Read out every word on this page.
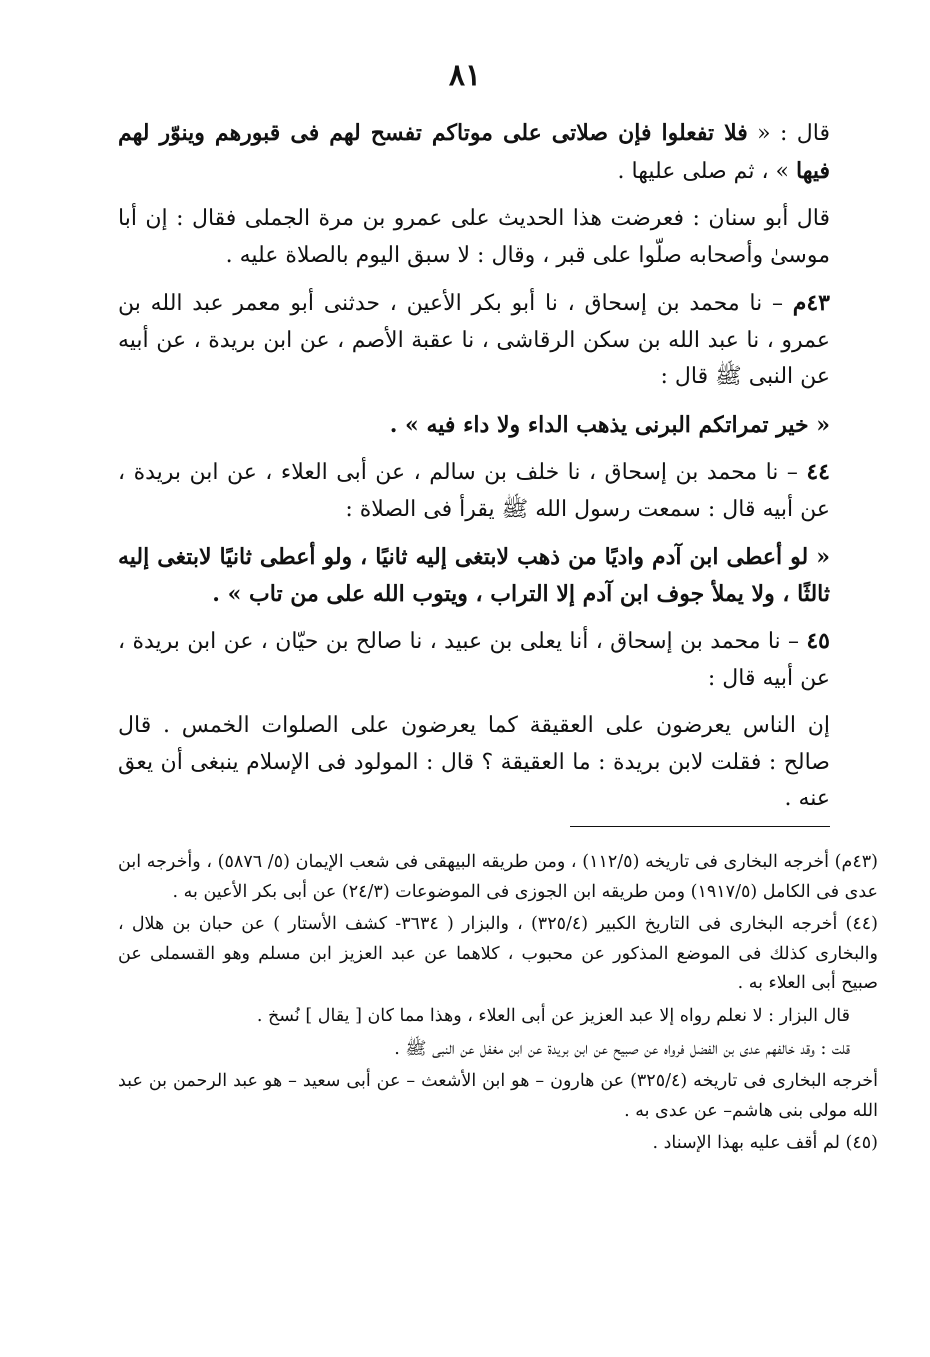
٨١

قال : « فلا تفعلوا فإن صلاتى على موتاكم تفسح لهم فى قبورهم وينوّر لهم فيها » ، ثم صلى عليها .

قال أبو سنان : فعرضت هذا الحديث على عمرو بن مرة الجملى فقال : إن أبا موسىٰ وأصحابه صلّوا على قبر ، وقال : لا سبق اليوم بالصلاة عليه .

٤٣م – نا محمد بن إسحاق ، نا أبو بكر الأعين ، حدثنى أبو معمر عبد الله بن عمرو ، نا عبد الله بن سكن الرقاشى ، نا عقبة الأصم ، عن ابن بريدة ، عن أبيه عن النبى ﷺ قال :

« خير تمراتكم البرنى يذهب الداء ولا داء فيه » .

٤٤ – نا محمد بن إسحاق ، نا خلف بن سالم ، عن أبى العلاء ، عن ابن بريدة ، عن أبيه قال : سمعت رسول الله ﷺ يقرأ فى الصلاة :

« لو أعطى ابن آدم واديًا من ذهب لابتغى إليه ثانيًا ، ولو أعطى ثانيًا لابتغى إليه ثالثًا ، ولا يملأ جوف ابن آدم إلا التراب ، ويتوب الله على من تاب » .

٤٥ – نا محمد بن إسحاق ، أنا يعلى بن عبيد ، نا صالح بن حيّان ، عن ابن بريدة ، عن أبيه قال :

إن الناس يعرضون على العقيقة كما يعرضون على الصلوات الخمس . قال صالح : فقلت لابن بريدة : ما العقيقة ؟ قال : المولود فى الإسلام ينبغى أن يعق عنه .

(٤٣م) أخرجه البخارى فى تاريخه (١١٢/٥) ، ومن طريقه البيهقى فى شعب الإيمان (٥/ ٥٨٧٦) ، وأخرجه ابن عدى فى الكامل (١٩١٧/٥) ومن طريقه ابن الجوزى فى الموضوعات (٢٤/٣) عن أبى بكر الأعين به .

(٤٤) أخرجه البخارى فى التاريخ الكبير (٣٢٥/٤) ، والبزار ( ٣٦٣٤- كشف الأستار ) عن حبان بن هلال ، والبخارى كذلك فى الموضع المذكور عن محبوب ، كلاهما عن عبد العزيز ابن مسلم وهو القسملى عن صبيح أبى العلاء به .

قال البزار : لا نعلم رواه إلا عبد العزيز عن أبى العلاء ، وهذا مما كان [ يقال ] نُسخ .

قلت : وقد خالفهم عدى بن الفضل فرواه عن صبيح عن ابن بريدة عن ابن مغفل عن النبى ﷺ .

أخرجه البخارى فى تاريخه (٣٢٥/٤) عن هارون – هو ابن الأشعث – عن أبى سعيد – هو عبد الرحمن بن عبد الله مولى بنى هاشم– عن عدى به .

(٤٥) لم أقف عليه بهذا الإسناد .
